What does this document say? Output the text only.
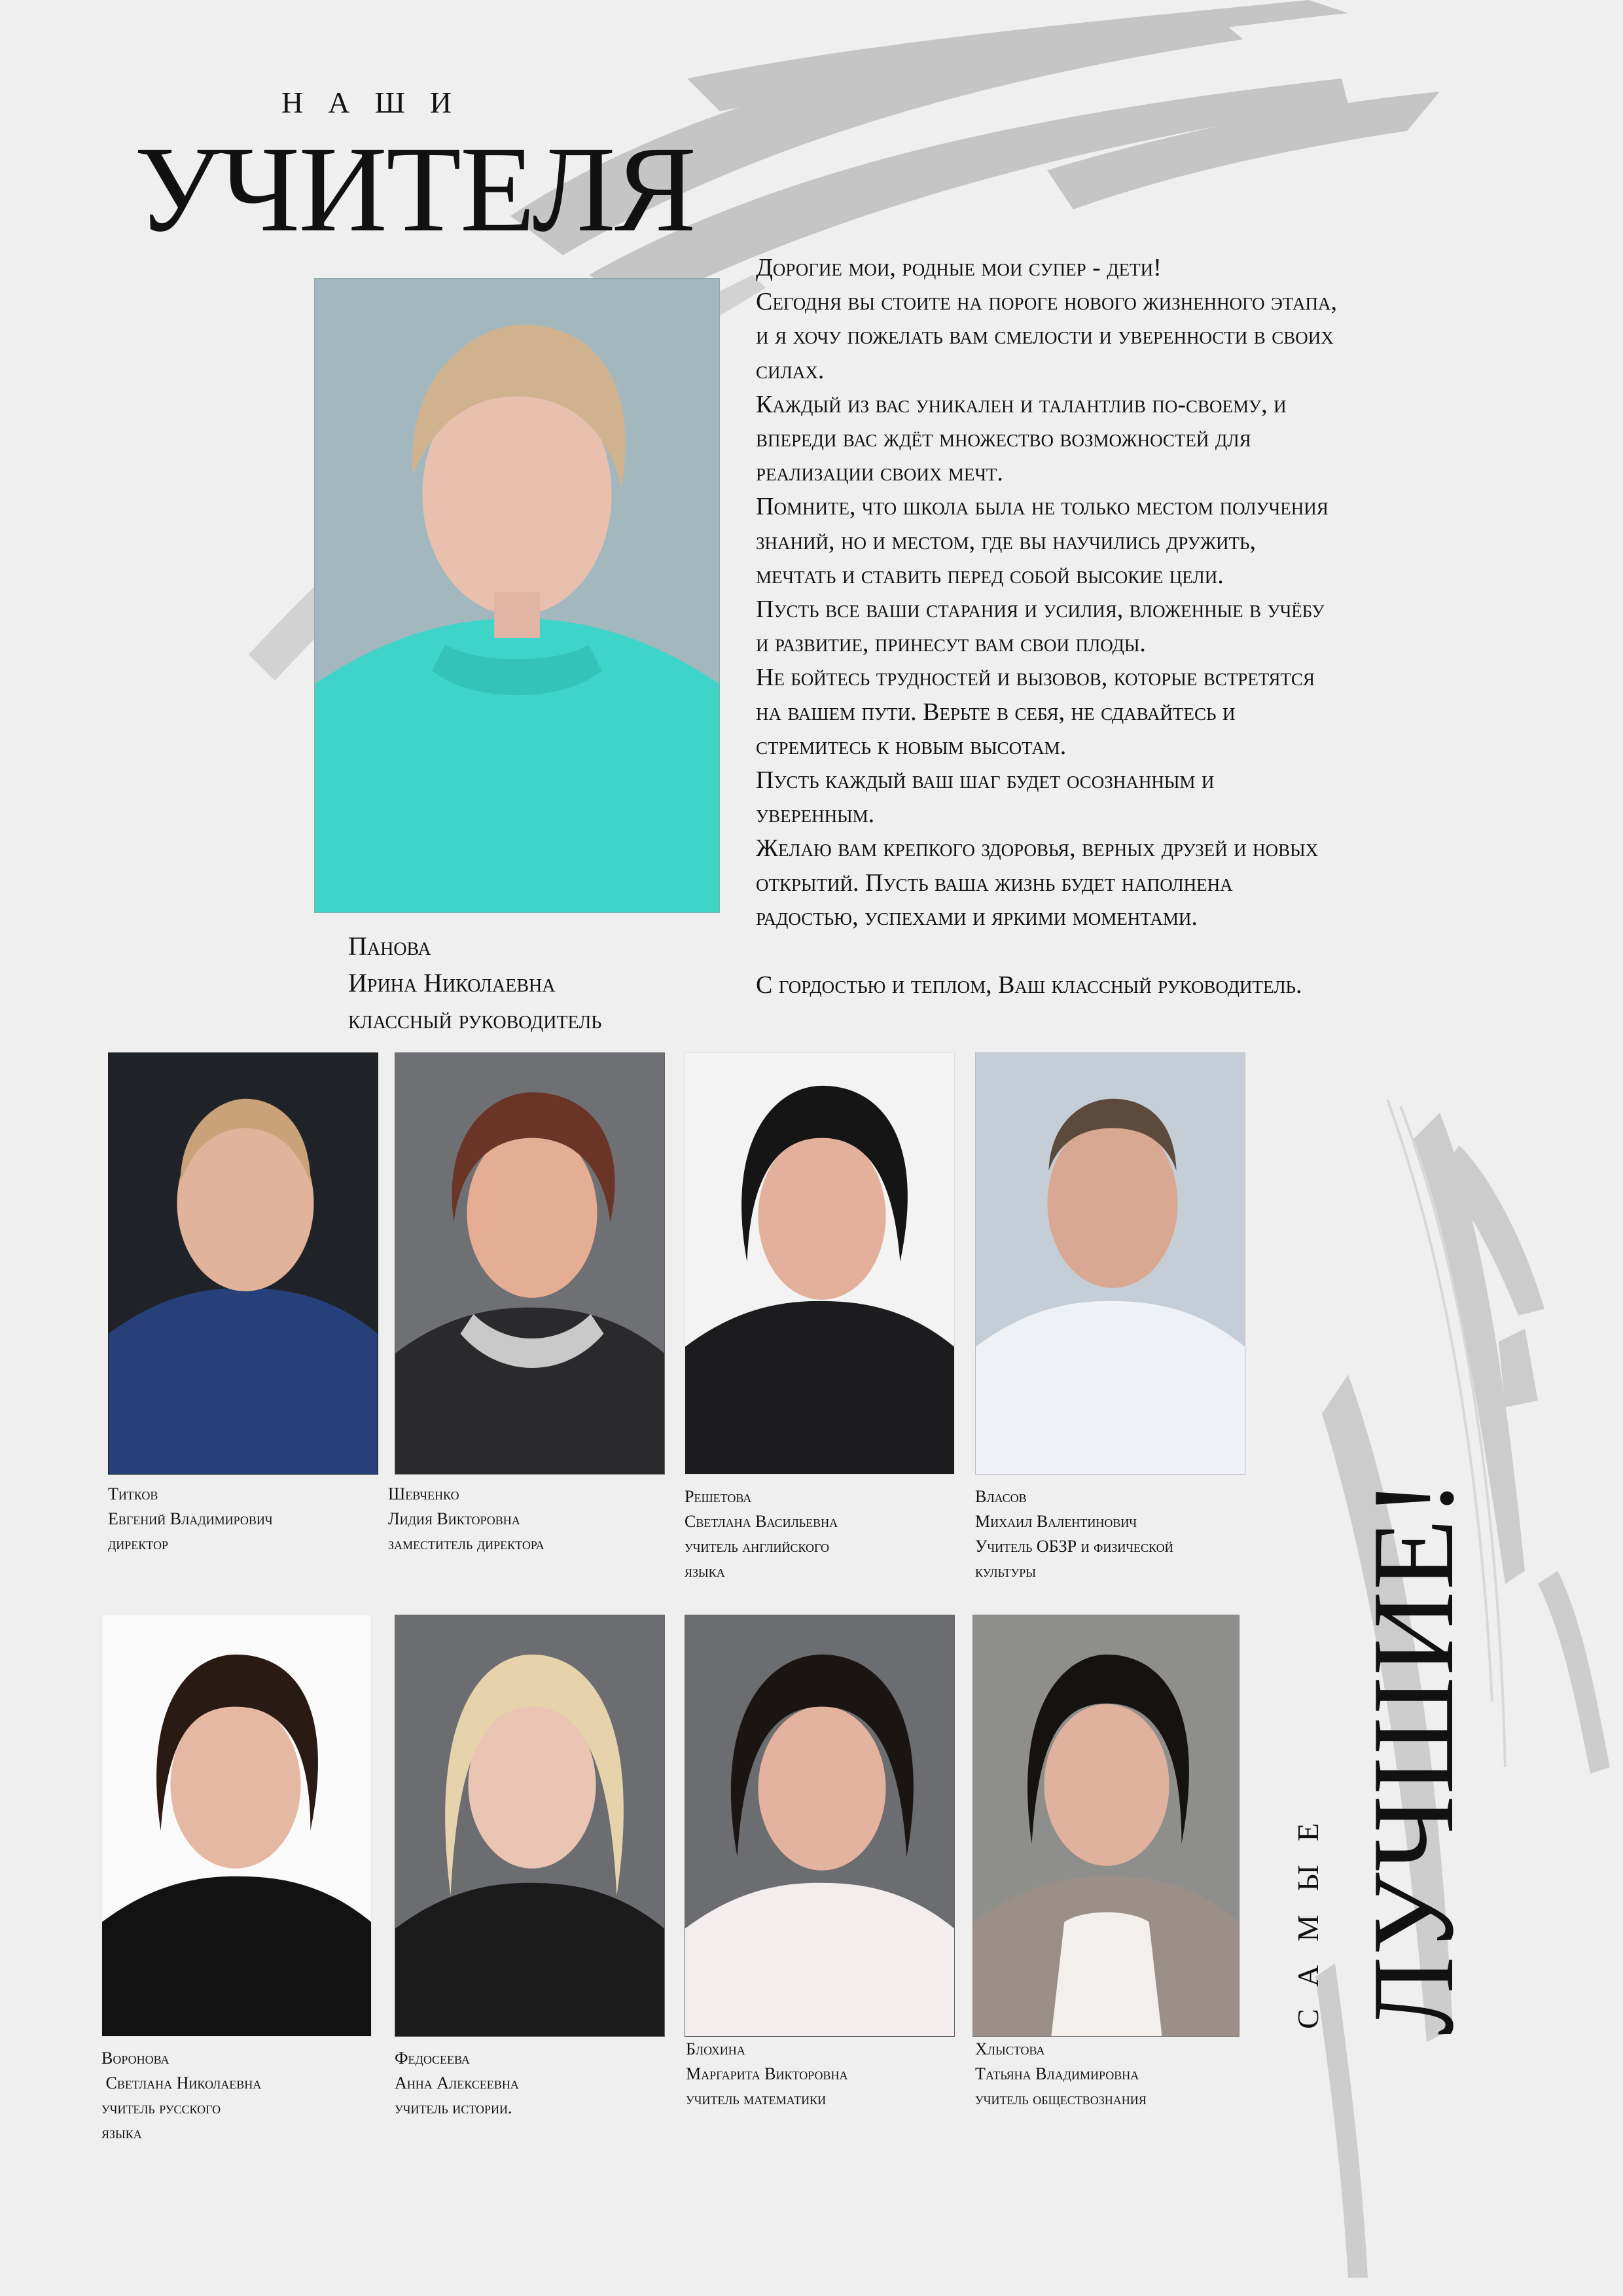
НАШИ
УЧИТЕЛЯ
Панова
Ирина Николаевна
классный руководитель
Дорогие мои, родные мои супер - дети!
Сегодня вы стоите на пороге нового жизненного этапа,
и я хочу пожелать вам смелости и уверенности в своих
силах.
Каждый из вас уникален и талантлив по-своему, и
впереди вас ждёт множество возможностей для
реализации своих мечт.
Помните, что школа была не только местом получения
знаний, но и местом, где вы научились дружить,
мечтать и ставить перед собой высокие цели.
Пусть все ваши старания и усилия, вложенные в учёбу
и развитие, принесут вам свои плоды.
Не бойтесь трудностей и вызовов, которые встретятся
на вашем пути. Верьте в себя, не сдавайтесь и
стремитесь к новым высотам.
Пусть каждый ваш шаг будет осознанным и
уверенным.
Желаю вам крепкого здоровья, верных друзей и новых
открытий. Пусть ваша жизнь будет наполнена
радостью, успехами и яркими моментами.
С гордостью и теплом, Ваш классный руководитель.
Титков
Евгений Владимирович
директор
Шевченко
Лидия Викторовна
заместитель директора
Решетова
Светлана Васильевна
учитель английского
языка
Власов
Михаил Валентинович
Учитель ОБЗР и физической
культуры
Воронова
Светлана Николаевна
учитель русского
языка
Федосеева
Анна Алексеевна
учитель истории.
Блохина
Маргарита Викторовна
учитель математики
Хлыстова
Татьяна Владимировна
учитель обществознания
САМЫЕ ЛУЧШИЕ!
